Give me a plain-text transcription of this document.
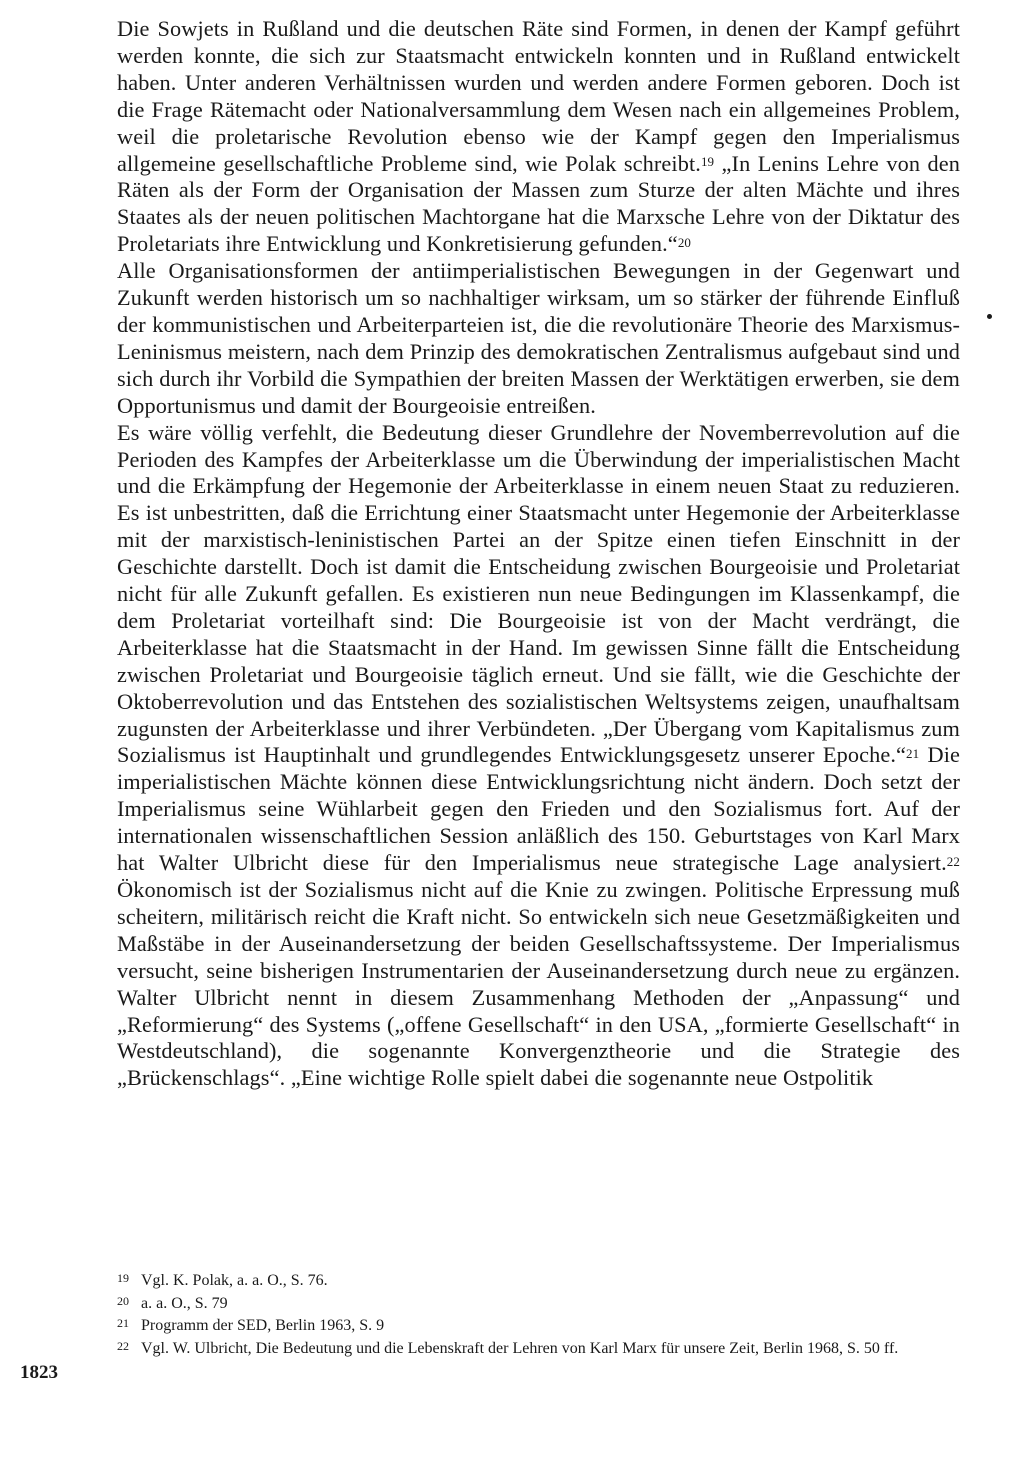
Die Sowjets in Rußland und die deutschen Räte sind Formen, in denen der Kampf geführt werden konnte, die sich zur Staatsmacht entwickeln konnten und in Rußland entwickelt haben. Unter anderen Verhältnissen wurden und werden andere Formen geboren. Doch ist die Frage Rätemacht oder Nationalversammlung dem Wesen nach ein allgemeines Problem, weil die proletarische Revolution ebenso wie der Kampf gegen den Imperialismus allgemeine gesellschaftliche Probleme sind, wie Polak schreibt.$^{19}$ „In Lenins Lehre von den Räten als der Form der Organisation der Massen zum Sturze der alten Mächte und ihres Staates als der neuen politischen Machtorgane hat die Marxsche Lehre von der Diktatur des Proletariats ihre Entwicklung und Konkretisierung gefunden.“$^{20}$

Alle Organisationsformen der antiimperialistischen Bewegungen in der Gegenwart und Zukunft werden historisch um so nachhaltiger wirksam, um so stärker der führende Einfluß der kommunistischen und Arbeiterparteien ist, die die revolutionäre Theorie des Marxismus-Leninismus meistern, nach dem Prinzip des demokratischen Zentralismus aufgebaut sind und sich durch ihr Vorbild die Sympathien der breiten Massen der Werktätigen erwerben, sie dem Opportunismus und damit der Bourgeoisie entreißen.

Es wäre völlig verfehlt, die Bedeutung dieser Grundlehre der Novemberrevolution auf die Perioden des Kampfes der Arbeiterklasse um die Überwindung der imperialistischen Macht und die Erkämpfung der Hegemonie der Arbeiterklasse in einem neuen Staat zu reduzieren. Es ist unbestritten, daß die Errichtung einer Staatsmacht unter Hegemonie der Arbeiterklasse mit der marxistisch-leninistischen Partei an der Spitze einen tiefen Einschnitt in der Geschichte darstellt. Doch ist damit die Entscheidung zwischen Bourgeoisie und Proletariat nicht für alle Zukunft gefallen. Es existieren nun neue Bedingungen im Klassenkampf, die dem Proletariat vorteilhaft sind: Die Bourgeoisie ist von der Macht verdrängt, die Arbeiterklasse hat die Staatsmacht in der Hand. Im gewissen Sinne fällt die Entscheidung zwischen Proletariat und Bourgeoisie täglich erneut. Und sie fällt, wie die Geschichte der Oktoberrevolution und das Entstehen des sozialistischen Weltsystems zeigen, unaufhaltsam zugunsten der Arbeiterklasse und ihrer Verbündeten. „Der Übergang vom Kapitalismus zum Sozialismus ist Hauptinhalt und grundlegendes Entwicklungsgesetz unserer Epoche.“$^{21}$ Die imperialistischen Mächte können diese Entwicklungsrichtung nicht ändern. Doch setzt der Imperialismus seine Wühlarbeit gegen den Frieden und den Sozialismus fort. Auf der internationalen wissenschaftlichen Session anläßlich des 150. Geburtstages von Karl Marx hat Walter Ulbricht diese für den Imperialismus neue strategische Lage analysiert.$^{22}$ Ökonomisch ist der Sozialismus nicht auf die Knie zu zwingen. Politische Erpressung muß scheitern, militärisch reicht die Kraft nicht. So entwickeln sich neue Gesetzmäßigkeiten und Maßstäbe in der Auseinandersetzung der beiden Gesellschaftssysteme. Der Imperialismus versucht, seine bisherigen Instrumentarien der Auseinandersetzung durch neue zu ergänzen. Walter Ulbricht nennt in diesem Zusammenhang Methoden der „Anpassung“ und „Reformierung“ des Systems („offene Gesellschaft“ in den USA, „formierte Gesellschaft“ in Westdeutschland), die sogenannte Konvergenztheorie und die Strategie des „Brückenschlags“. „Eine wichtige Rolle spielt dabei die sogenannte neue Ostpolitik

19 Vgl. K. Polak, a. a. O., S. 76.
20 a. a. O., S. 79
21 Programm der SED, Berlin 1963, S. 9
22 Vgl. W. Ulbricht, Die Bedeutung und die Lebenskraft der Lehren von Karl Marx für unsere Zeit, Berlin 1968, S. 50 ff.
1823
